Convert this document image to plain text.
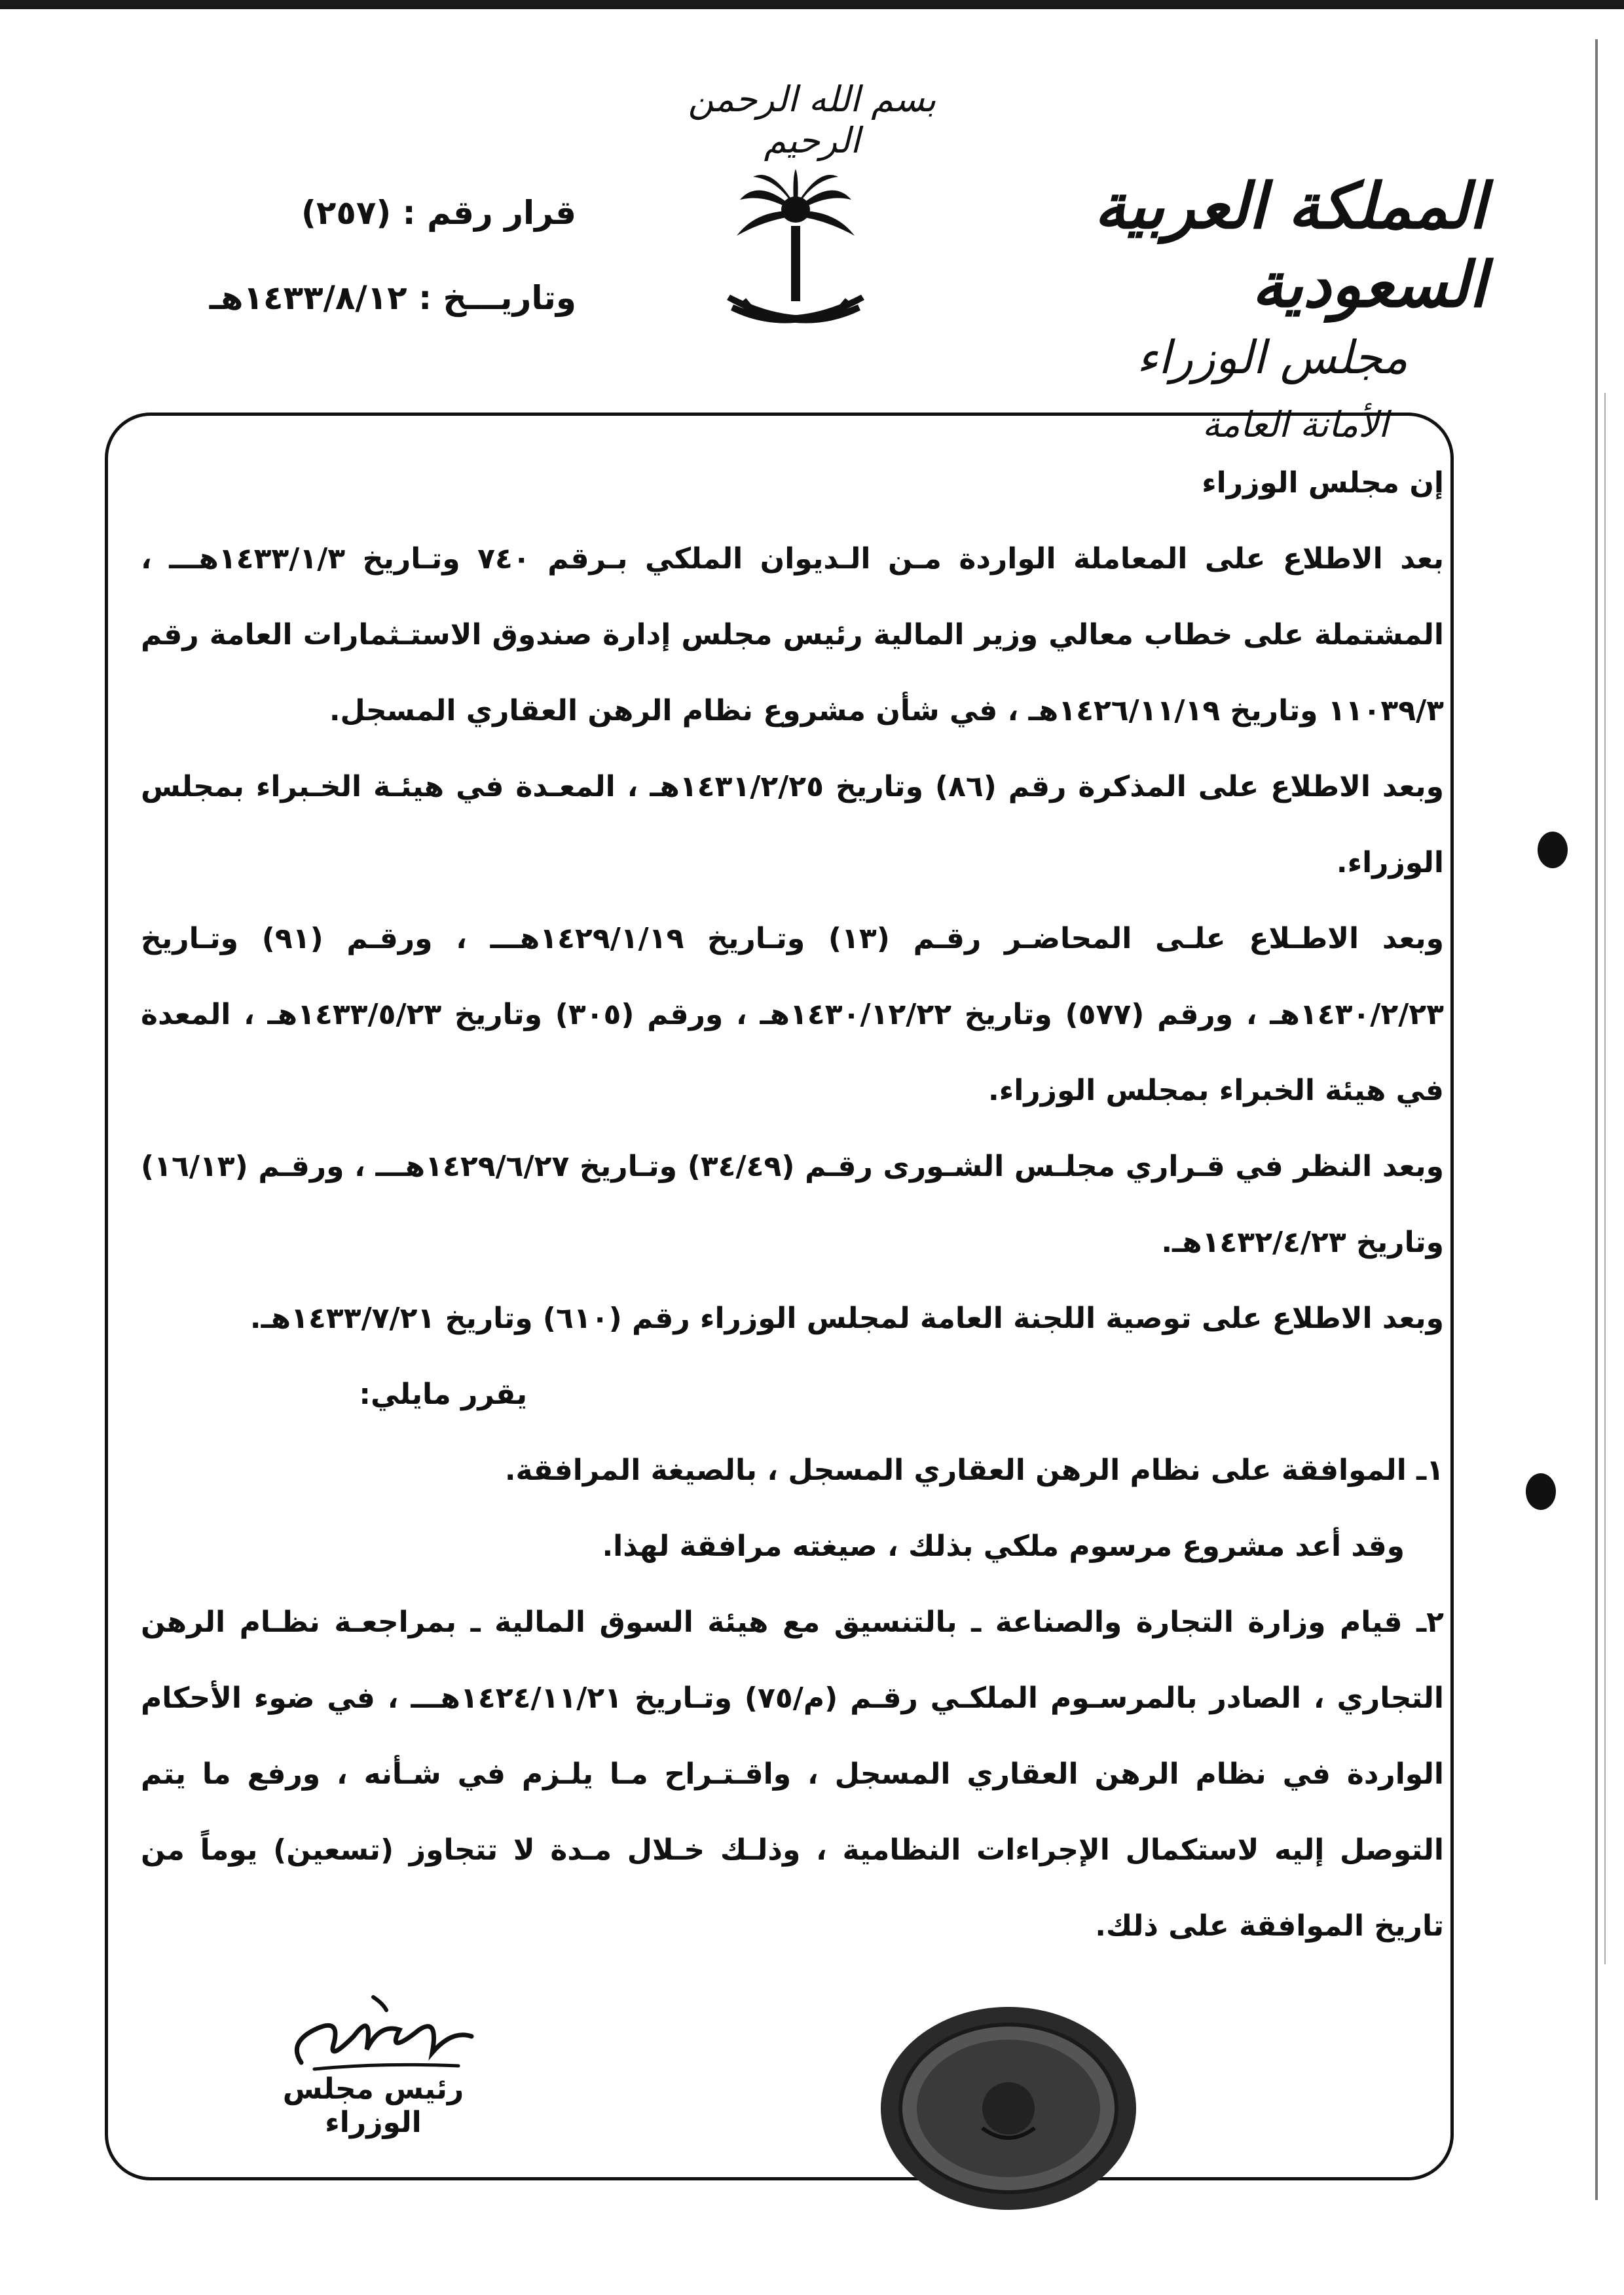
بسم الله الرحمن الرحيم
المملكة العربية السعودية
مجلس الوزراء
الأمانة العامة
قرار رقم : (٢٥٧)
وتاريـــخ : ١٤٣٣/٨/١٢هـ

إن مجلس الوزراء

بعد الاطلاع على المعاملة الواردة مـن الـديوان الملكي بـرقم ٧٤٠ وتـاريخ ١٤٣٣/١/٣هـــ ، المشتملة على خطاب معالي وزير المالية رئيس مجلس إدارة صندوق الاستـثمارات العامة رقم ١١٠٣٩/٣ وتاريخ ١٤٢٦/١١/١٩هـ ، في شأن مشروع نظام الرهن العقاري المسجل.

وبعد الاطلاع على المذكرة رقم (٨٦) وتاريخ ١٤٣١/٢/٢٥هـ ، المعـدة في هيئـة الخـبراء بمجلس الوزراء.

وبعد الاطـلاع علـى المحاضـر رقـم (١٣) وتـاريخ ١٤٢٩/١/١٩هـــ ، ورقـم (٩١) وتـاريخ ١٤٣٠/٢/٢٣هـ ، ورقم (٥٧٧) وتاريخ ١٤٣٠/١٢/٢٢هـ ، ورقم (٣٠٥) وتاريخ ١٤٣٣/٥/٢٣هـ ، المعدة في هيئة الخبراء بمجلس الوزراء.

وبعد النظر في قـراري مجلـس الشـورى رقـم (٣٤/٤٩) وتـاريخ ١٤٢٩/٦/٢٧هـــ ، ورقـم (١٦/١٣) وتاريخ ١٤٣٢/٤/٢٣هـ.

وبعد الاطلاع على توصية اللجنة العامة لمجلس الوزراء رقم (٦١٠) وتاريخ ١٤٣٣/٧/٢١هـ.

يقرر مايلي:

١ـ الموافقة على نظام الرهن العقاري المسجل ، بالصيغة المرافقة.

وقد أعد مشروع مرسوم ملكي بذلك ، صيغته مرافقة لهذا.

٢ـ قيام وزارة التجارة والصناعة ـ بالتنسيق مع هيئة السوق المالية ـ بمراجعـة نظـام الرهن التجاري ، الصادر بالمرسـوم الملكـي رقـم (م/٧٥) وتـاريخ ١٤٢٤/١١/٢١هـــ ، في ضوء الأحكام الواردة في نظام الرهن العقاري المسجل ، واقـتـراح مـا يلـزم في شـأنه ، ورفع ما يتم التوصل إليه لاستكمال الإجراءات النظامية ، وذلـك خـلال مـدة لا تتجاوز (تسعين) يوماً من تاريخ الموافقة على ذلك.

رئيس مجلس الوزراء
